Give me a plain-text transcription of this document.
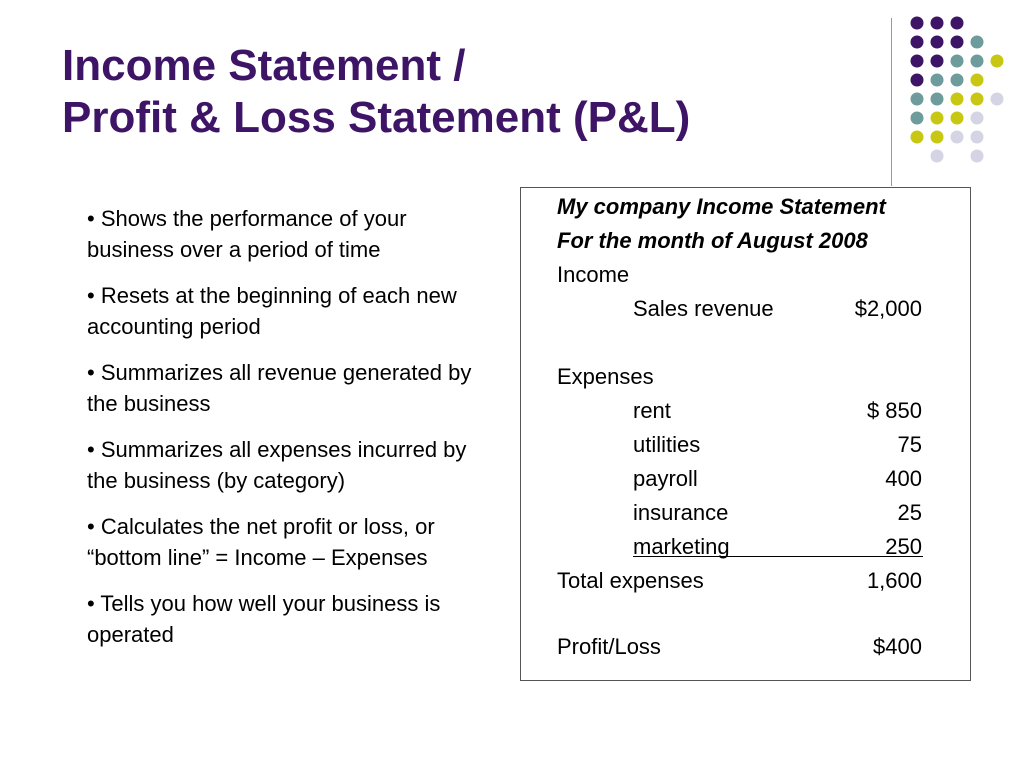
Income Statement /
Profit & Loss Statement (P&L)
• Shows the performance of your business over a period of time
• Resets at the beginning of each new accounting period
• Summarizes all revenue generated by the business
• Summarizes all expenses incurred by the business (by category)
• Calculates the net profit or loss, or “bottom line” = Income – Expenses
• Tells you how well your business is operated
My company Income Statement
For the month of August 2008
Income
Sales revenue	$2,000
Expenses
rent	$ 850
utilities	75
payroll	400
insurance	25
marketing	250
Total expenses	1,600
Profit/Loss	$400
